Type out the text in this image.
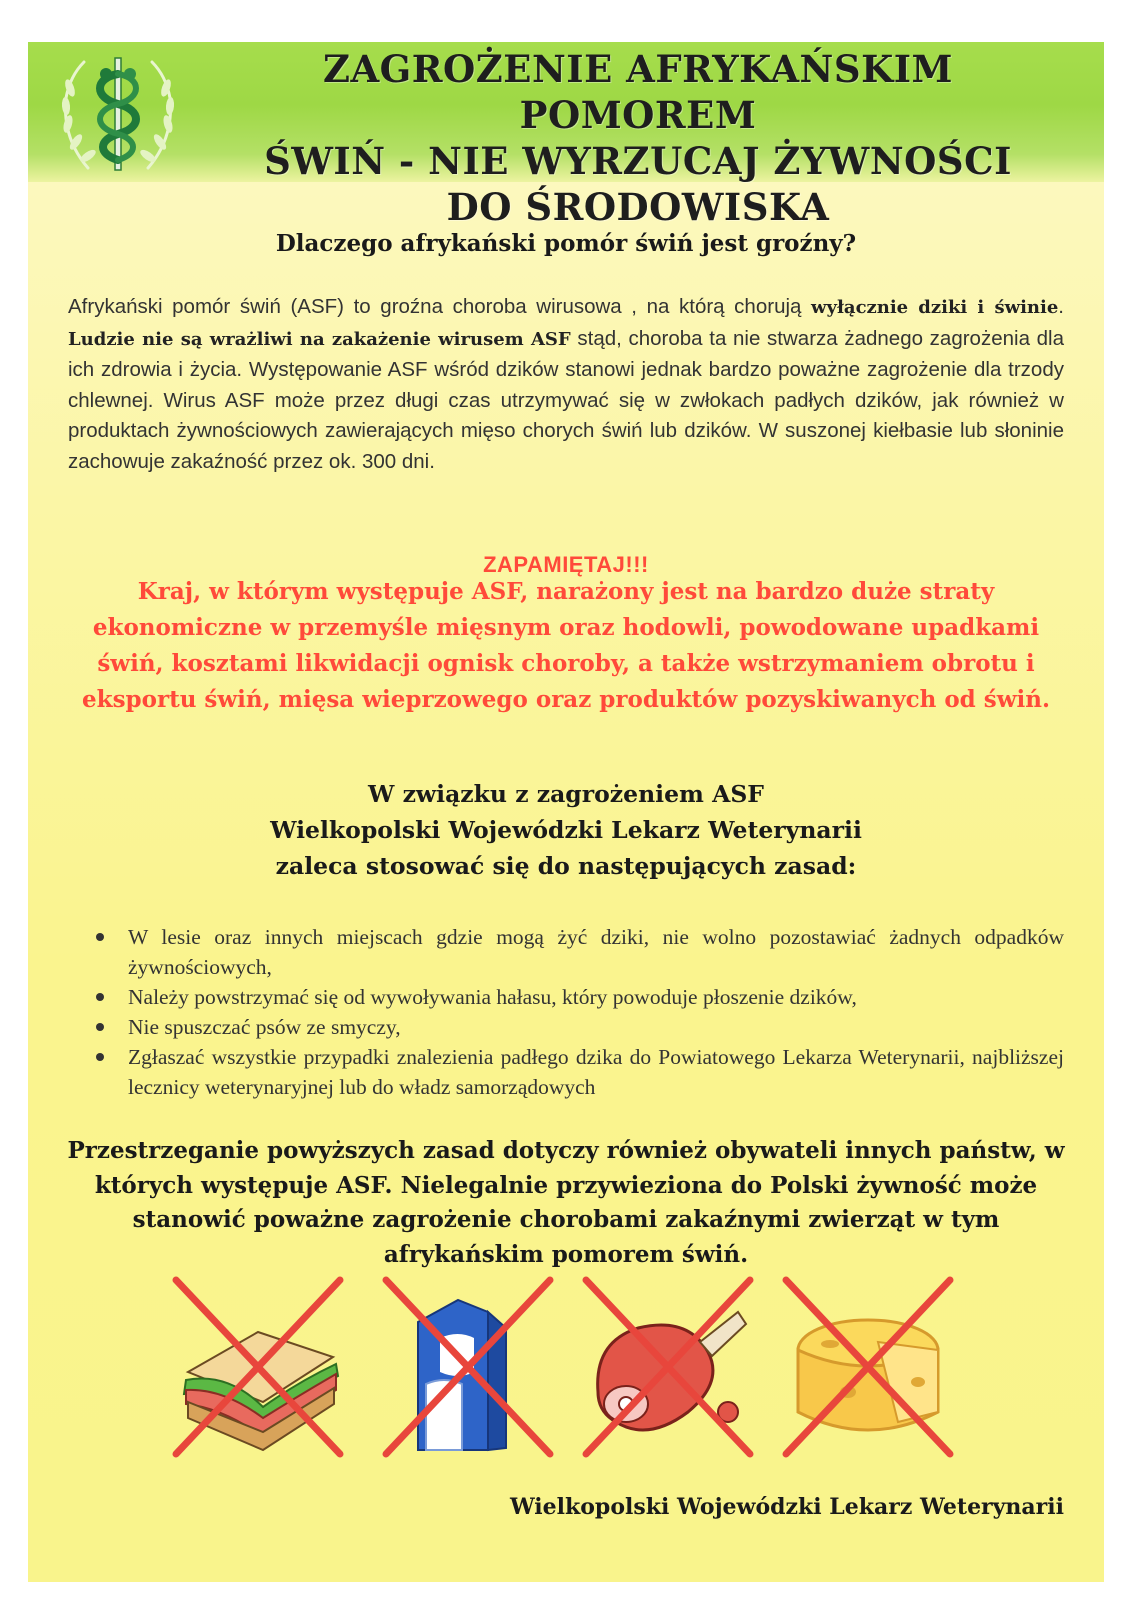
ZAGROŻENIE AFRYKAŃSKIM POMOREM
ŚWIŃ - NIE WYRZUCAJ ŻYWNOŚCI
DO ŚRODOWISKA
Dlaczego afrykański pomór świń jest groźny?

Afrykański pomór świń (ASF) to groźna choroba wirusowa , na którą chorują wyłącznie dziki i świnie. Ludzie nie są wrażliwi na zakażenie wirusem ASF stąd, choroba ta nie stwarza żadnego zagrożenia dla ich zdrowia i życia. Występowanie ASF wśród dzików stanowi jednak bardzo poważne zagrożenie dla trzody chlewnej. Wirus ASF może przez długi czas utrzymywać się w zwłokach padłych dzików, jak również w produktach żywnościowych zawierających mięso chorych świń lub dzików. W suszonej kiełbasie lub słoninie zachowuje zakaźność przez ok. 300 dni.

ZAPAMIĘTAJ!!!

Kraj, w którym występuje ASF, narażony jest na bardzo duże straty ekonomiczne w przemyśle mięsnym oraz hodowli, powodowane upadkami świń, kosztami likwidacji ognisk choroby, a także wstrzymaniem obrotu i eksportu świń, mięsa wieprzowego oraz produktów pozyskiwanych od świń.

W związku z zagrożeniem ASF
Wielkopolski Wojewódzki Lekarz Weterynarii
zaleca stosować się do następujących zasad:
W lesie oraz innych miejscach gdzie mogą żyć dziki, nie wolno pozostawiać żadnych odpadków żywnościowych,
Należy powstrzymać się od wywoływania hałasu, który powoduje płoszenie dzików,
Nie spuszczać psów ze smyczy,
Zgłaszać wszystkie przypadki znalezienia padłego dzika do Powiatowego Lekarza Weterynarii, najbliższej lecznicy weterynaryjnej lub do władz samorządowych

Przestrzeganie powyższych zasad dotyczy również obywateli innych państw, w których występuje ASF. Nielegalnie przywieziona do Polski żywność może stanowić poważne zagrożenie chorobami zakaźnymi zwierząt w tym afrykańskim pomorem świń.

Wielkopolski Wojewódzki Lekarz Weterynarii
